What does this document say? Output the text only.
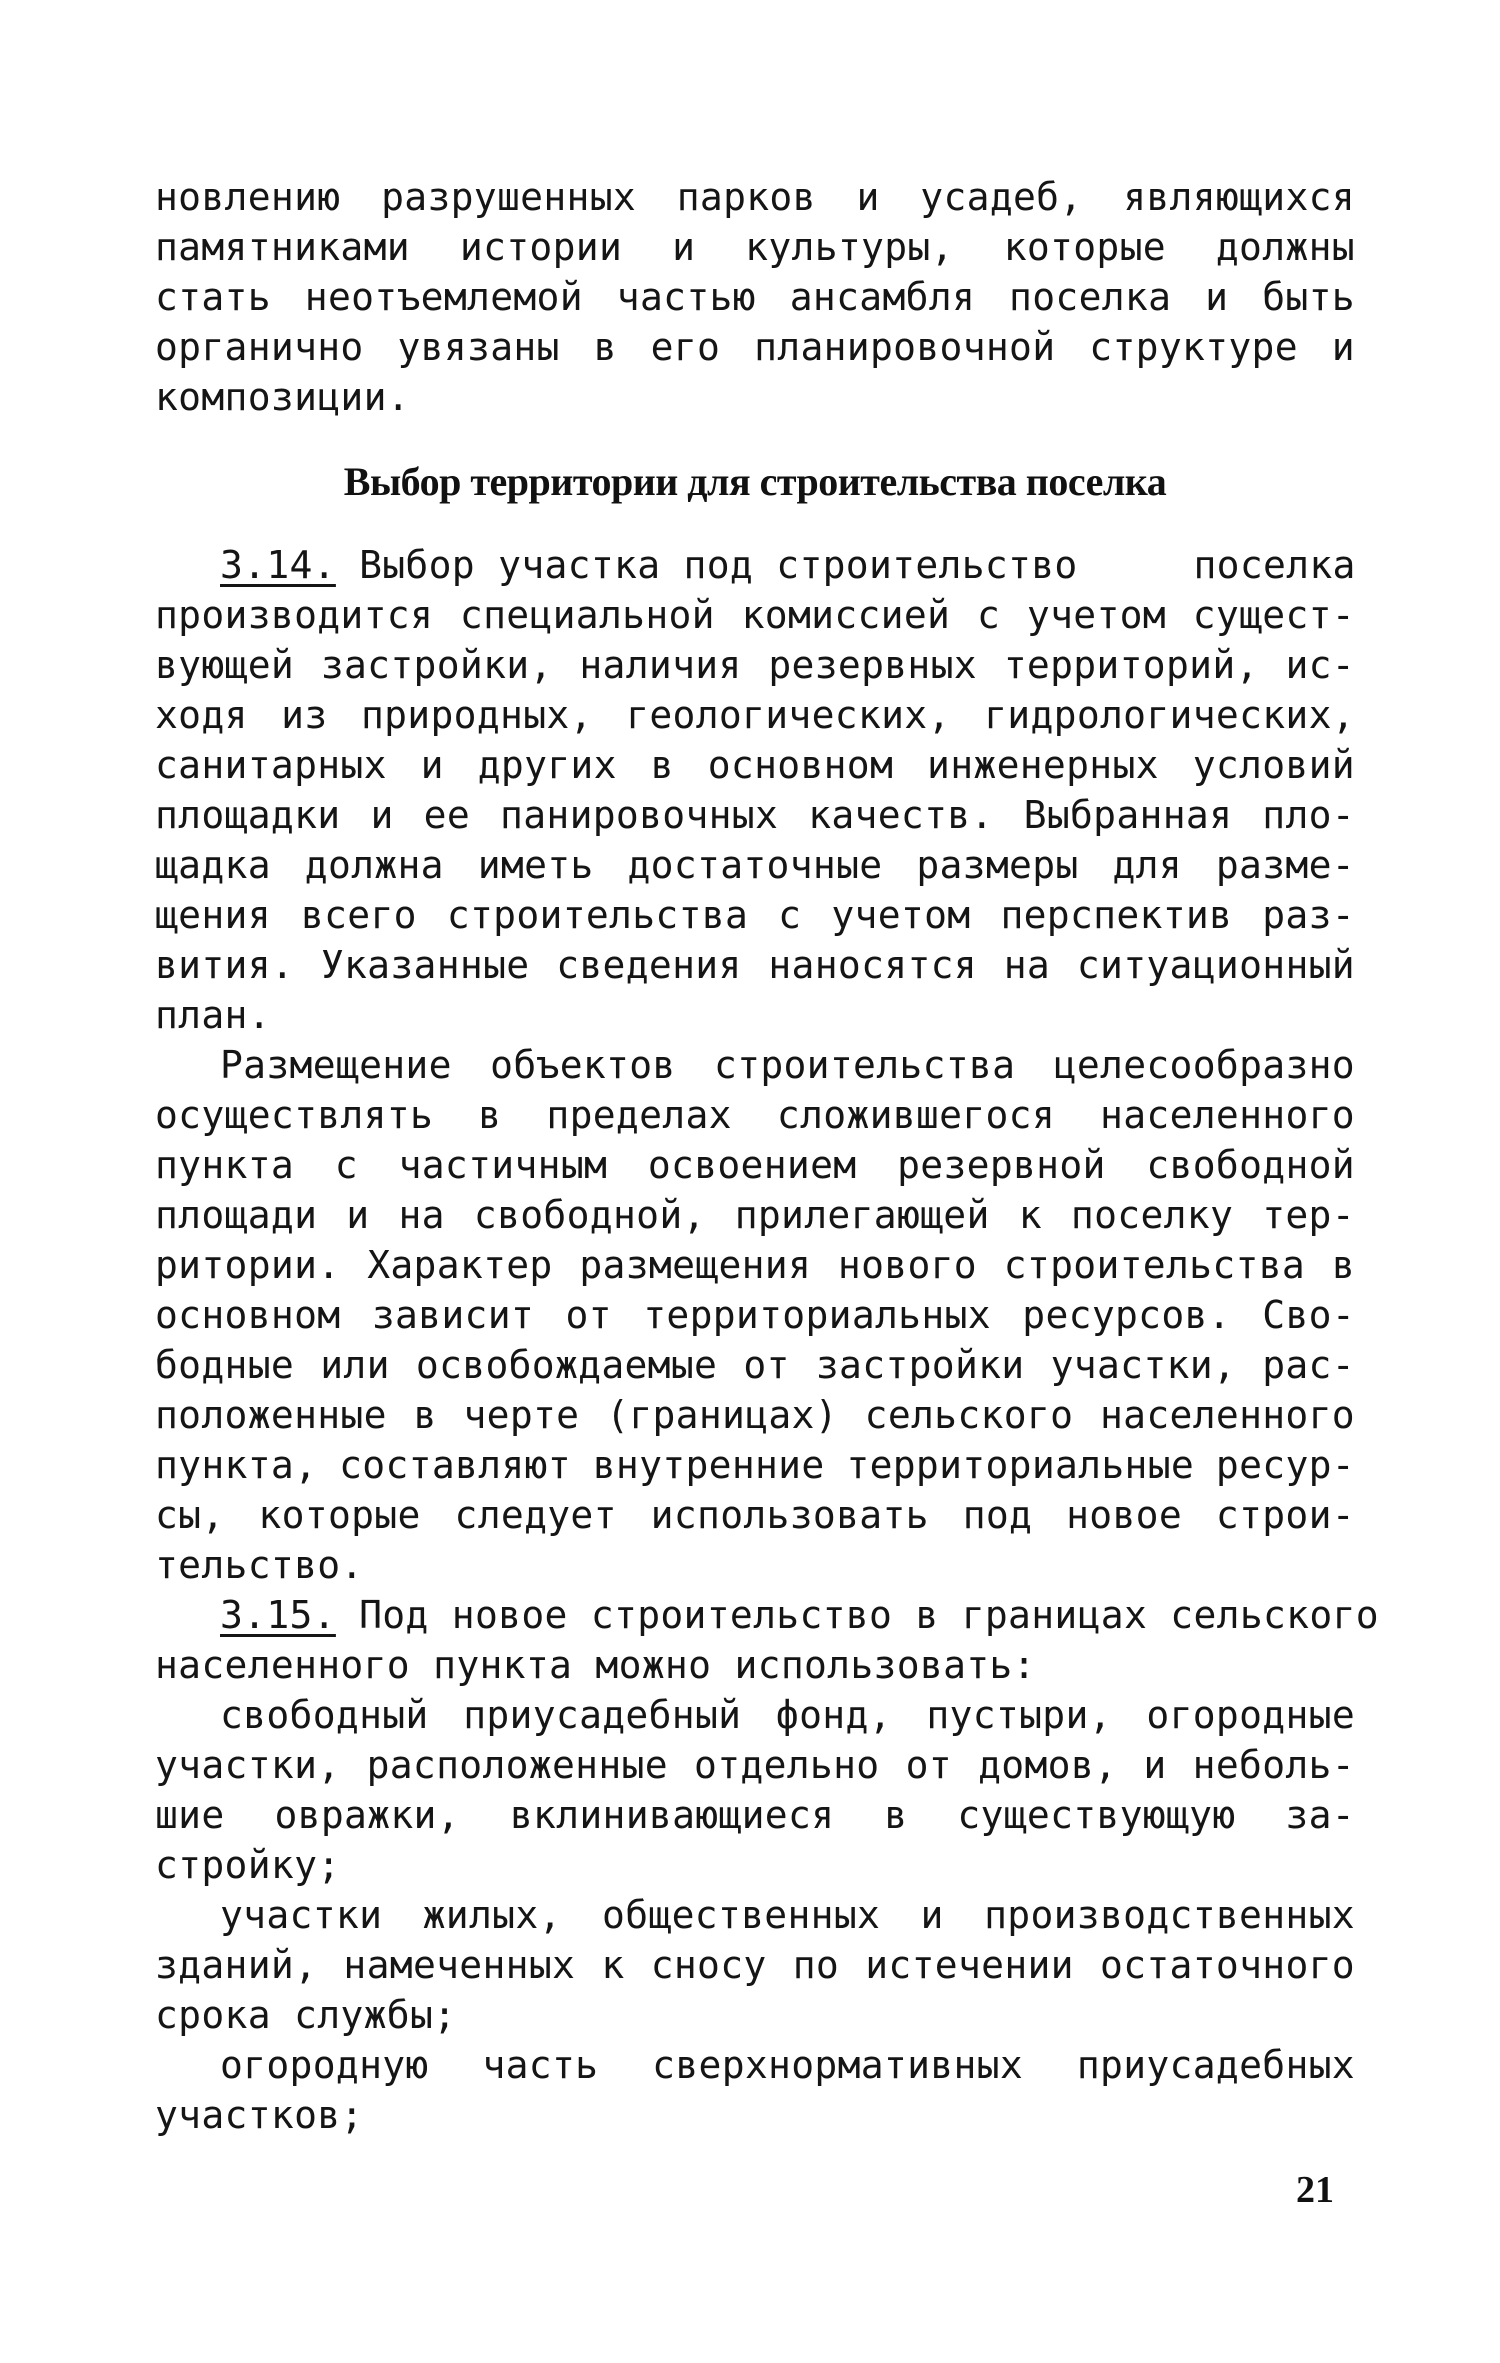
новлению разрушенных парков и усадеб, являющихся
памятниками истории и культуры, которые должны
стать неотъемлемой частью ансамбля поселка и быть
органично увязаны в его планировочной структуре и
композиции.
Выбор территории для строительства поселка
3.14. Выбор участка под строительство     поселка
производится специальной комиссией с учетом сущест-
вующей застройки, наличия резервных территорий, ис-
ходя из природных, геологических, гидрологических,
санитарных и других в основном инженерных условий
площадки и ее панировочных качеств. Выбранная пло-
щадка должна иметь достаточные размеры для разме-
щения всего строительства с учетом перспектив раз-
вития. Указанные сведения наносятся на ситуационный
план.
Размещение объектов строительства целесообразно
осуществлять в пределах сложившегося населенного
пункта с частичным освоением резервной свободной
площади и на свободной, прилегающей к поселку тер-
ритории. Характер размещения нового строительства в
основном зависит от территориальных ресурсов. Сво-
бодные или освобождаемые от застройки участки, рас-
положенные в черте (границах) сельского населенного
пункта, составляют внутренние территориальные ресур-
сы, которые следует использовать под новое строи-
тельство.
3.15. Под новое строительство в границах сельского
населенного пункта можно использовать:
свободный приусадебный фонд, пустыри, огородные
участки, расположенные отдельно от домов, и неболь-
шие овражки, вклинивающиеся в существующую за-
стройку;
участки жилых, общественных и производственных
зданий, намеченных к сносу по истечении остаточного
срока службы;
огородную часть сверхнормативных приусадебных
участков;
21
